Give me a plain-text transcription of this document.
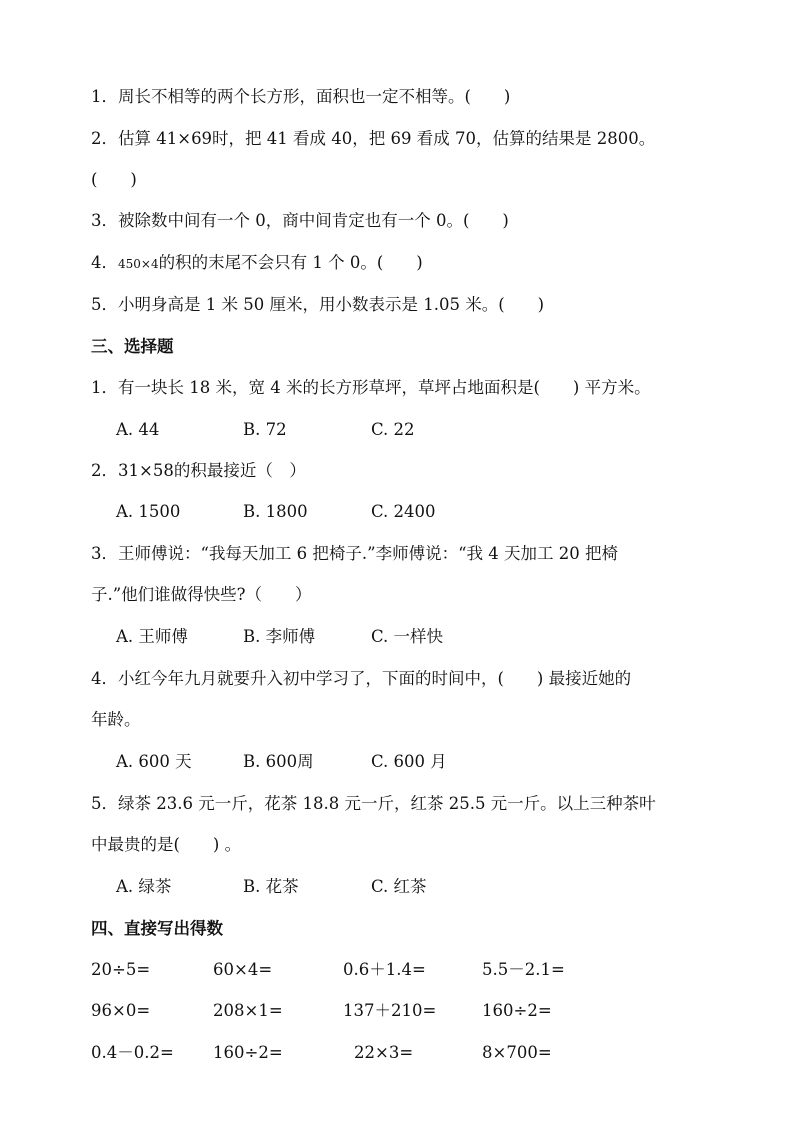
1．周长不相等的两个长方形，面积也一定不相等。(　　)
2．估算 41×69时，把 41 看成 40，把 69 看成 70，估算的结果是 2800。
(　　)
3．被除数中间有一个 0，商中间肯定也有一个 0。(　　)
4．450×4的积的末尾不会只有 1 个 0。(　　)
5．小明身高是 1 米 50 厘米，用小数表示是 1.05 米。(　　)
三、选择题
1．有一块长 18 米，宽 4 米的长方形草坪，草坪占地面积是(　　) 平方米。
A. 44	B. 72	C. 22
2．31×58的积最接近（　）
A. 1500	B. 1800	C. 2400
3．王师傅说：“我每天加工 6 把椅子.”李师傅说：“我 4 天加工 20 把椅
子.”他们谁做得快些?（　　）
A. 王师傅	B. 李师傅	C. 一样快
4．小红今年九月就要升入初中学习了，下面的时间中，(　　) 最接近她的
年龄。
A. 600 天	B. 600周	C. 600 月
5．绿茶 23.6 元一斤，花茶 18.8 元一斤，红茶 25.5 元一斤。以上三种茶叶
中最贵的是(　　) 。
A. 绿茶	B. 花茶	C. 红茶
四、直接写出得数
20÷5=	60×4=	0.6＋1.4=	5.5－2.1=
96×0=	208×1=	137＋210=	160÷2=
0.4－0.2= 160÷2=	22×3=	8×700=
